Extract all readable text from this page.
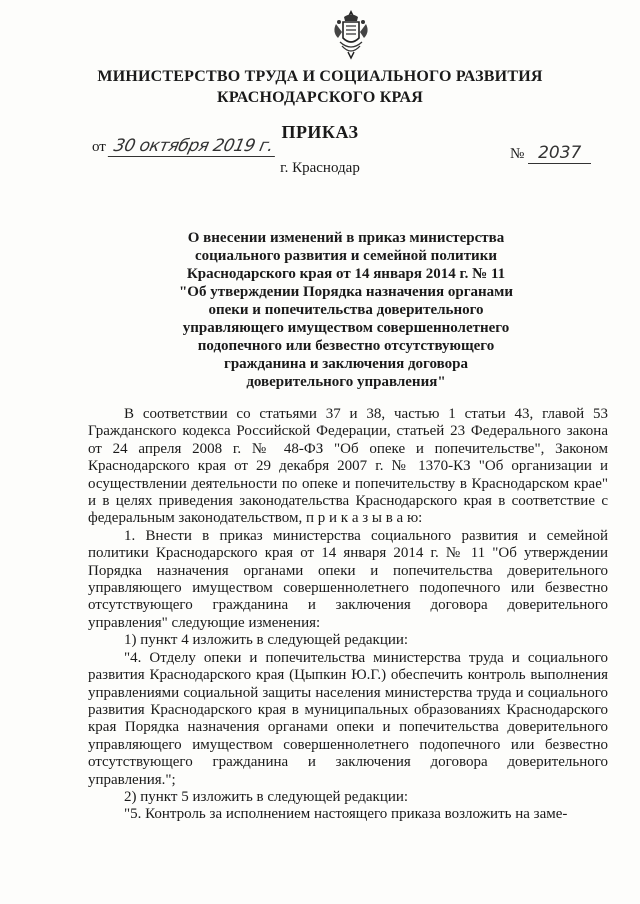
МИНИСТЕРСТВО ТРУДА И СОЦИАЛЬНОГО РАЗВИТИЯ
КРАСНОДАРСКОГО КРАЯ
ПРИКАЗ
от 30 октября 2019 г.	№ 2037
г. Краснодар
О внесении изменений в приказ министерства
социального развития и семейной политики
Краснодарского края от 14 января 2014 г. № 11
"Об утверждении Порядка назначения органами
опеки и попечительства доверительного
управляющего имуществом совершеннолетнего
подопечного или безвестно отсутствующего
гражданина и заключения договора
доверительного управления"

В соответствии со статьями 37 и 38, частью 1 статьи 43, главой 53 Гражданского кодекса Российской Федерации, статьей 23 Федерального закона от 24 апреля 2008 г. № 48-ФЗ "Об опеке и попечительстве", Законом Краснодарского края от 29 декабря 2007 г. № 1370-КЗ "Об организации и осуществлении деятельности по опеке и попечительству в Краснодарском крае" и в целях приведения законодательства Краснодарского края в соответствие с федеральным законодательством, п р и к а з ы в а ю:

1. Внести в приказ министерства социального развития и семейной политики Краснодарского края от 14 января 2014 г. № 11 "Об утверждении Порядка назначения органами опеки и попечительства доверительного управляющего имуществом совершеннолетнего подопечного или безвестно отсутствующего гражданина и заключения договора доверительного управления" следующие изменения:

1) пункт 4 изложить в следующей редакции:

"4. Отделу опеки и попечительства министерства труда и социального развития Краснодарского края (Цыпкин Ю.Г.) обеспечить контроль выполнения управлениями социальной защиты населения министерства труда и социального развития Краснодарского края в муниципальных образованиях Краснодарского края Порядка назначения органами опеки и попечительства доверительного управляющего имуществом совершеннолетнего подопечного или безвестно отсутствующего гражданина и заключения договора доверительного управления.";

2) пункт 5 изложить в следующей редакции:

"5. Контроль за исполнением настоящего приказа возложить на заме-
